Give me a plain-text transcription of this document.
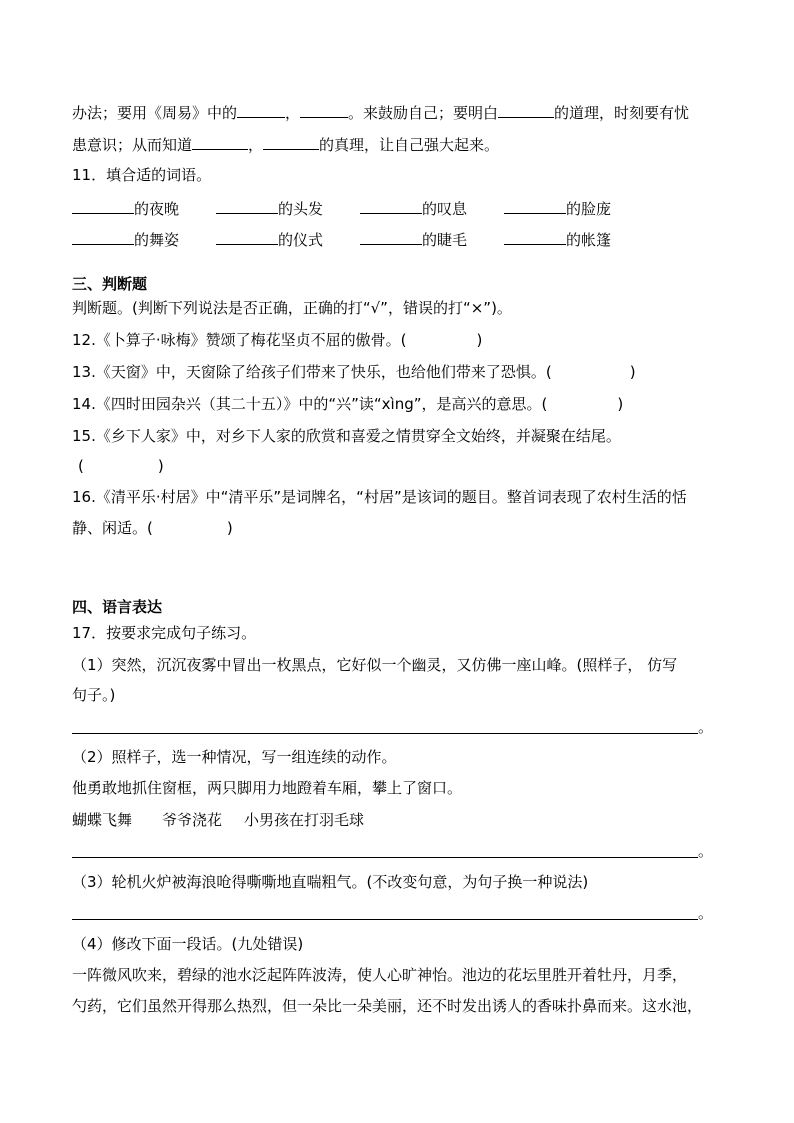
办法；要用《周易》中的	，	。来鼓励自己；要明白	的道理，时刻要有忧
患意识；从而知道	，	的真理，让自己强大起来。
11．填合适的词语。
的夜晚	的头发	的叹息	的脸庞
的舞姿	的仪式	的睫毛	的帐篷
三、判断题
判断题。(判断下列说法是否正确，正确的打“√”，错误的打“×”)。
12.《卜算子·咏梅》赞颂了梅花坚贞不屈的傲骨。(	)
13.《天窗》中，天窗除了给孩子们带来了快乐，也给他们带来了恐惧。(	)
14.《四时田园杂兴（其二十五）》中的“兴”读“xìng”，是高兴的意思。(	)
15.《乡下人家》中，对乡下人家的欣赏和喜爱之情贯穿全文始终，并凝聚在结尾。
(	)
16.《清平乐·村居》中“清平乐”是词牌名，“村居”是该词的题目。整首词表现了农村生活的恬
静、闲适。(	)
四、语言表达
17．按要求完成句子练习。
（1）突然，沉沉夜雾中冒出一枚黑点，它好似一个幽灵，又仿佛一座山峰。(照样子， 仿写
句子。)
。
（2）照样子，选一种情况，写一组连续的动作。
他勇敢地抓住窗框，两只脚用力地蹬着车厢，攀上了窗口。
蝴蝶飞舞 爷爷浇花 小男孩在打羽毛球
。
（3）轮机火炉被海浪呛得嘶嘶地直喘粗气。(不改变句意，为句子换一种说法)
。
（4）修改下面一段话。(九处错误)
一阵微风吹来，碧绿的池水泛起阵阵波涛，使人心旷神怡。池边的花坛里胜开着牡丹，月季，
勺药，它们虽然开得那么热烈，但一朵比一朵美丽，还不时发出诱人的香味扑鼻而来。这水池，
